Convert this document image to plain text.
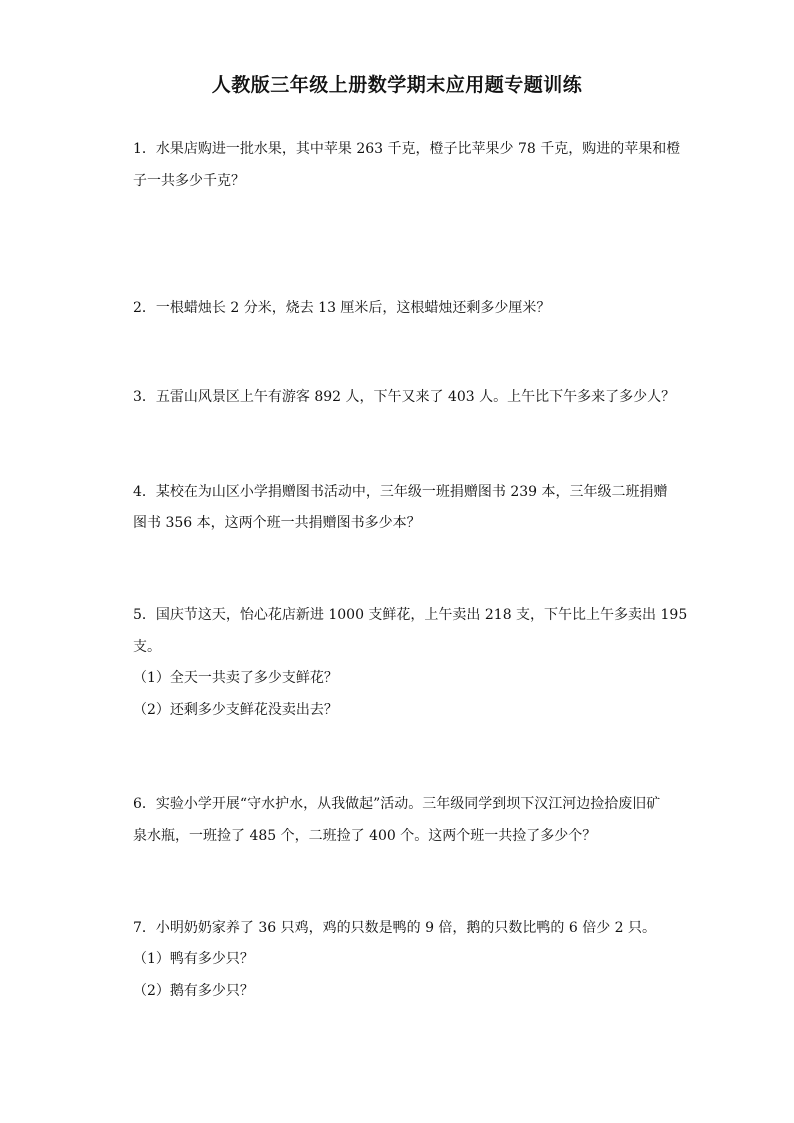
人教版三年级上册数学期末应用题专题训练
1．水果店购进一批水果，其中苹果 263 千克，橙子比苹果少 78 千克，购进的苹果和橙
子一共多少千克？
2．一根蜡烛长 2 分米，烧去 13 厘米后，这根蜡烛还剩多少厘米？
3．五雷山风景区上午有游客 892 人，下午又来了 403 人。上午比下午多来了多少人？
4．某校在为山区小学捐赠图书活动中，三年级一班捐赠图书 239 本，三年级二班捐赠
图书 356 本，这两个班一共捐赠图书多少本？
5．国庆节这天，怡心花店新进 1000 支鲜花，上午卖出 218 支，下午比上午多卖出 195
支。
（1）全天一共卖了多少支鲜花？
（2）还剩多少支鲜花没卖出去？
6．实验小学开展“守水护水，从我做起”活动。三年级同学到坝下汉江河边捡拾废旧矿
泉水瓶，一班捡了 485 个，二班捡了 400 个。这两个班一共捡了多少个？
7．小明奶奶家养了 36 只鸡，鸡的只数是鸭的 9 倍，鹅的只数比鸭的 6 倍少 2 只。
（1）鸭有多少只？
（2）鹅有多少只？
